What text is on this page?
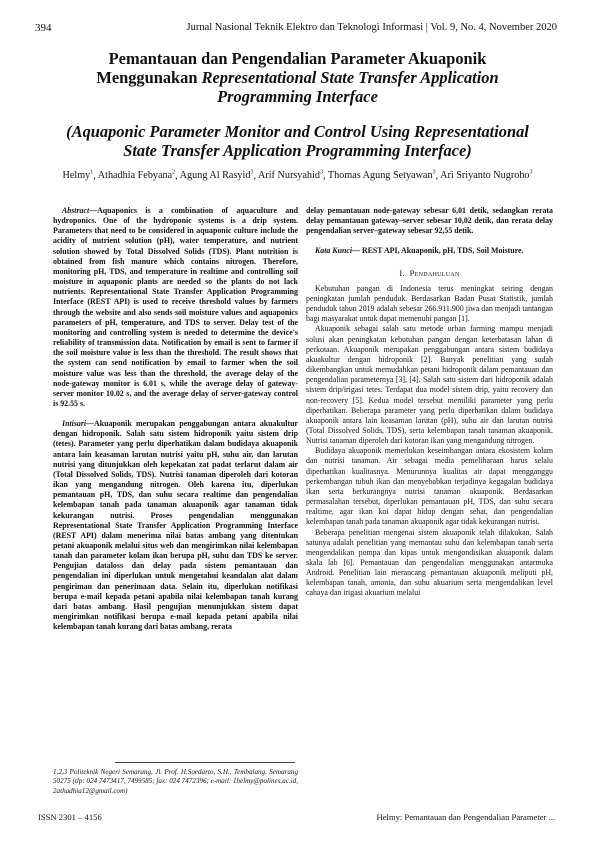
394	Jurnal Nasional Teknik Elektro dan Teknologi Informasi | Vol. 9, No. 4, November 2020
Pemantauan dan Pengendalian Parameter Akuaponik
Menggunakan Representational State Transfer Application
Programming Interface
(Aquaponic Parameter Monitor and Control Using Representational
State Transfer Application Programming Interface)
Helmy$^1$, Athadhia Febyana$^2$, Agung Al Rasyid$^3$, Arif Nursyahid$^3$, Thomas Agung Setyawan$^3$, Ari Sriyanto Nugroho$^3$

Abstract—Aquaponics is a combination of aquaculture and hydroponics. One of the hydroponic systems is a drip system. Parameters that need to be considered in aquaponic culture include the acidity of nutrient solution (pH), water temperature, and nutrient solution showed by Total Dissolved Solids (TDS). Plant nutrition is obtained from fish manure which contains nitrogen. Therefore, monitoring pH, TDS, and temperature in realtime and controlling soil moisture in aquaponic plants are needed so the plants do not lack nutrients. Representational State Transfer Application Programming Interface (REST API) is used to receive threshold values by farmers through the website and also sends soil moisture values and aquaponics parameters of pH, temperature, and TDS to server. Delay test of the monitoring and controlling system is needed to determine the device's reliability of transmission data. Notification by email is sent to farmer if the soil moisture value is less than the threshold. The result shows that the system can send notification by email to farmer when the soil moisture value was less than the threshold, the average delay of the node-gateway monitor is 6.01 s, while the average delay of gateway-server monitor 10.02 s, and the average delay of server-gateway control is 92.55 s.

Intisari—Akuaponik merupakan penggabungan antara akuakultur dengan hidroponik. Salah satu sistem hidroponik yaitu sistem drip (tetes). Parameter yang perlu diperhatikan dalam budidaya akuaponik antara lain keasaman larutan nutrisi yaitu pH, suhu air, dan larutan nutrisi yang ditunjukkan oleh kepekatan zat padat terlarut dalam air (Total Dissolved Solids, TDS). Nutrisi tanaman diperoleh dari kotoran ikan yang mengandung nitrogen. Oleh karena itu, diperlukan pemantauan pH, TDS, dan suhu secara realtime dan pengendalian kelembapan tanah pada tanaman akuaponik agar tanaman tidak kekurangan nutrisi. Proses pengendalian menggunakan Representational State Transfer Application Programming Interface (REST API) dalam menerima nilai batas ambang yang ditentukan petani akuaponik melalui situs web dan mengirimkan nilai kelembapan tanah dan parameter kolam ikan berupa pH, suhu dan TDS ke server. Pengujian dataloss dan delay pada sistem pemantauan dan pengendalian ini diperlukan untuk mengetahui keandalan alat dalam pengiriman dan penerimaan data. Selain itu, diperlukan notifikasi berupa e-mail kepada petani apabila nilai kelembapan tanah kurang dari batas ambang. Hasil pengujian menunjukkan sistem dapat mengirimkan notifikasi berupa e-mail kepada petani apabila nilai kelembapan tanah kurang dari batas ambang, rerata

delay pemantauan node-gateway sebesar 6,01 detik, sedangkan rerata delay pemantauan gateway–server sebesar 10,02 detik, dan rerata delay pengendalian server–gateway sebesar 92,55 detik.

Kata Kunci— REST API, Akuaponik, pH, TDS, Soil Moisture.

I. Pendahuluan

Kebutuhan pangan di Indonesia terus meningkat seiring dengan peningkatan jumlah penduduk. Berdasarkan Badan Pusat Statistik, jumlah penduduk tahun 2019 adalah sebesar 266.911.900 jiwa dan menjadi tantangan bagi masyarakat untuk dapat memenuhi pangan [1].

Akuaponik sebagai salah satu metode urban farming mampu menjadi solusi akan peningkatan kebutuhan pangan dengan keterbatasan lahan di perkotaan. Akuaponik merupakan penggabungan antara sistem budidaya akuakultur dengan hidroponik [2]. Banyak penelitian yang sudah dikembangkan untuk memudahkan petani hidroponik dalam pemantauan dan pengendalian parameternya [3], [4]. Salah satu sistem dari hidroponik adalah sistem drip/irigasi tetes. Terdapat dua model sistem drip, yaitu recovery dan non-recovery [5]. Kedua model tersebut memiliki parameter yang perlu diperhatikan. Beberapa parameter yang perlu diperhatikan dalam budidaya akuaponik antara lain keasaman larutan (pH), suhu air dan larutan nutrisi (Total Dissolved Solids, TDS), serta kelembapan tanah tanaman akuaponik. Nutrisi tanaman diperoleh dari kotoran ikan yang mengandung nitrogen.

Budidaya akuaponik memerlukan keseimbangan antara ekosistem kolam dan nutrisi tanaman. Air sebagai media pemeliharaan harus selalu diperhatikan kualitasnya. Menurunnya kualitas air dapat mengganggu perkembangan tubuh ikan dan menyebabkan terjadinya kegagalan budidaya ikan serta berkurangnya nutrisi tanaman akuaponik. Berdasarkan permasalahan tersebut, diperlukan pemantauan pH, TDS, dan suhu secara realtime, agar ikan koi dapat hidup dengan sehat, dan pengendalian kelembapan tanah pada tanaman akuaponik agar tidak kekurangan nutrisi.

Beberapa penelitian mengenai sistem akuaponik telah dilakukan. Salah satunya adalah penelitian yang memantau suhu dan kelembapan tanah serta mengendalikan pompa dan kipas untuk mengondisikan akuaponik dalam skala lab [6]. Pemantauan dan pengendalian menggunakan antarmuka Android. Penelitian lain merancang pemantauan akuaponik meliputi pH, kelembapan tanah, amonia, dan suhu akuarium serta mengendalikan level cahaya dan irigasi akuarium melalui

1,2,3 Politeknik Negeri Semarang, Jl. Prof. H.Soedarto, S.H., Tembalang, Semarang 50275 (tlp: 024 7473417, 7499585; fax: 024 7472396; e-mail: 1helmy@polines.ac.id, 2athadhia12@gmail.com)
ISSN 2301 – 4156	Helmy: Pemantauan dan Pengendalian Parameter ...
